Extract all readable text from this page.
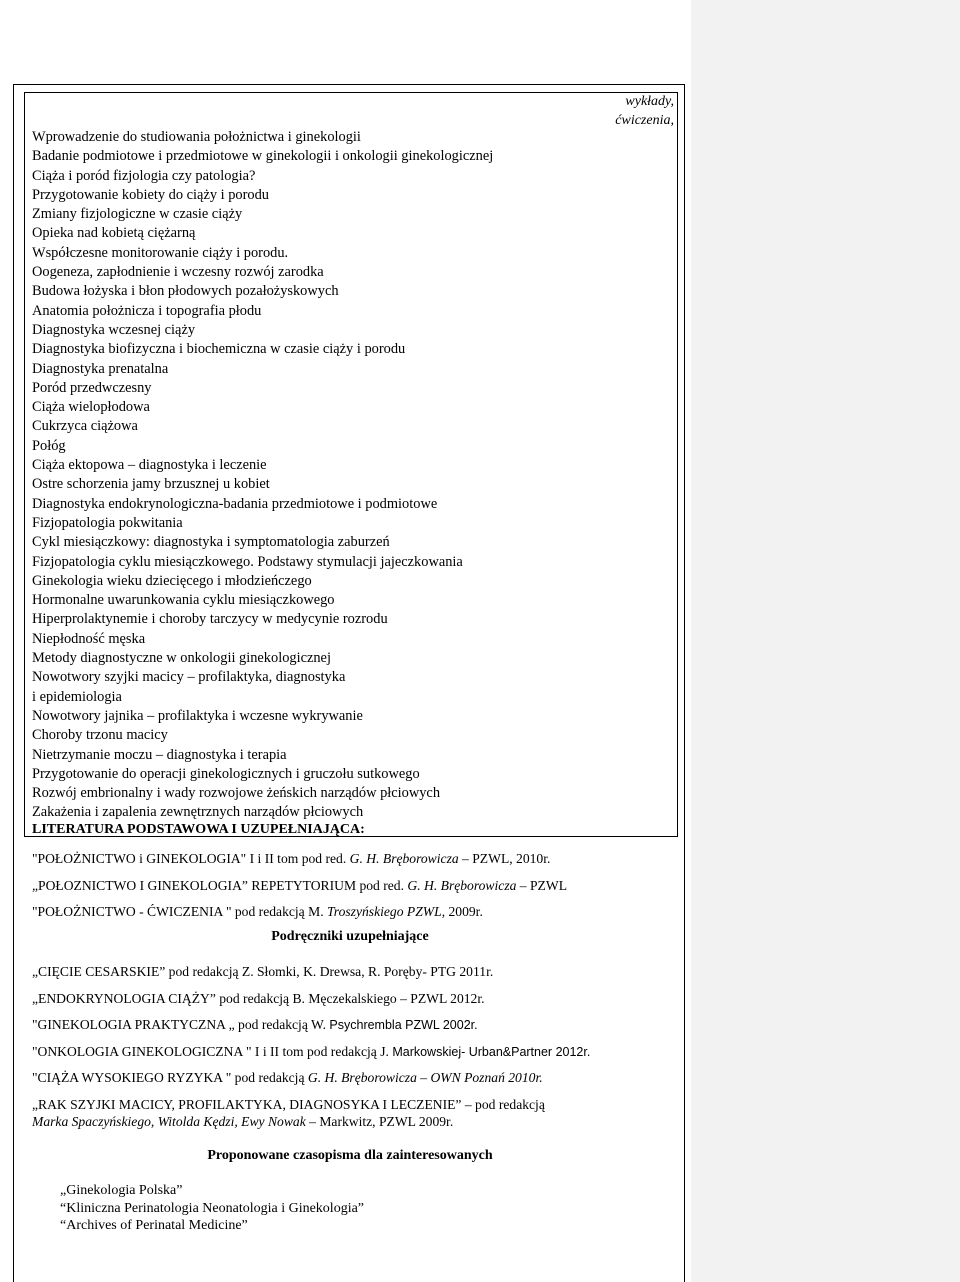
wykłady, ćwiczenia,
Wprowadzenie do studiowania położnictwa i ginekologii
Badanie podmiotowe i przedmiotowe w ginekologii i onkologii ginekologicznej
Ciąża i poród fizjologia czy patologia?
Przygotowanie kobiety do ciąży i porodu
Zmiany fizjologiczne w czasie ciąży
Opieka nad kobietą ciężarną
Współczesne monitorowanie ciąży i porodu.
Oogeneza, zapłodnienie i wczesny rozwój zarodka
Budowa łożyska i błon płodowych pozałożyskowych
Anatomia położnicza i topografia płodu
Diagnostyka wczesnej ciąży
Diagnostyka biofizyczna i biochemiczna w czasie ciąży i porodu
Diagnostyka prenatalna
Poród przedwczesny
Ciąża wielopłodowa
Cukrzyca ciążowa
Połóg
Ciąża ektopowa – diagnostyka i leczenie
Ostre schorzenia jamy brzusznej u kobiet
Diagnostyka endokrynologiczna-badania przedmiotowe i podmiotowe
Fizjopatologia pokwitania
Cykl miesiączkowy: diagnostyka i symptomatologia zaburzeń
Fizjopatologia cyklu miesiączkowego. Podstawy stymulacji jajeczkowania
Ginekologia wieku dziecięcego i młodzieńczego
Hormonalne uwarunkowania cyklu miesiączkowego
Hiperprolaktynemie i choroby tarczycy w medycynie rozrodu
Niepłodność męska
Metody diagnostyczne w onkologii ginekologicznej
Nowotwory szyjki macicy – profilaktyka, diagnostyka
i epidemiologia
Nowotwory jajnika – profilaktyka i wczesne wykrywanie
Choroby trzonu macicy
Nietrzymanie moczu – diagnostyka i terapia
Przygotowanie do operacji ginekologicznych i gruczołu sutkowego
Rozwój embrionalny i wady rozwojowe żeńskich narządów płciowych
Zakażenia i zapalenia zewnętrznych narządów płciowych
LITERATURA PODSTAWOWA I UZUPEŁNIAJĄCA:
"POŁOŻNICTWO i GINEKOLOGIA" I i II tom pod red. G. H. Bręborowicza – PZWL, 2010r.
„POŁOZNICTWO I GINEKOLOGIA” REPETYTORIUM pod red. G. H. Bręborowicza – PZWL
"POŁOŻNICTWO - ĆWICZENIA " pod redakcją M. Troszyńskiego PZWL, 2009r.
Podręczniki uzupełniające
„CIĘCIE CESARSKIE” pod redakcją Z. Słomki, K. Drewsa, R. Poręby- PTG 2011r.
„ENDOKRYNOLOGIA CIĄŻY” pod redakcją B. Męczekalskiego – PZWL 2012r.
"GINEKOLOGIA PRAKTYCZNA „ pod redakcją W. Psychrembla PZWL 2002r.
"ONKOLOGIA GINEKOLOGICZNA " I i II tom pod redakcją J. Markowskiej- Urban&Partner 2012r.
"CIĄŻA WYSOKIEGO RYZYKA " pod redakcją G. H. Bręborowicza – OWN Poznań 2010r.
„RAK SZYJKI MACICY, PROFILAKTYKA, DIAGNOSYKA I LECZENIE” – pod redakcją
Marka Spaczyńskiego, Witolda Kędzi, Ewy Nowak – Markwitz, PZWL 2009r.
Proponowane czasopisma dla zainteresowanych
„Ginekologia Polska”
“Kliniczna Perinatologia Neonatologia i Ginekologia”
“Archives of Perinatal Medicine”
